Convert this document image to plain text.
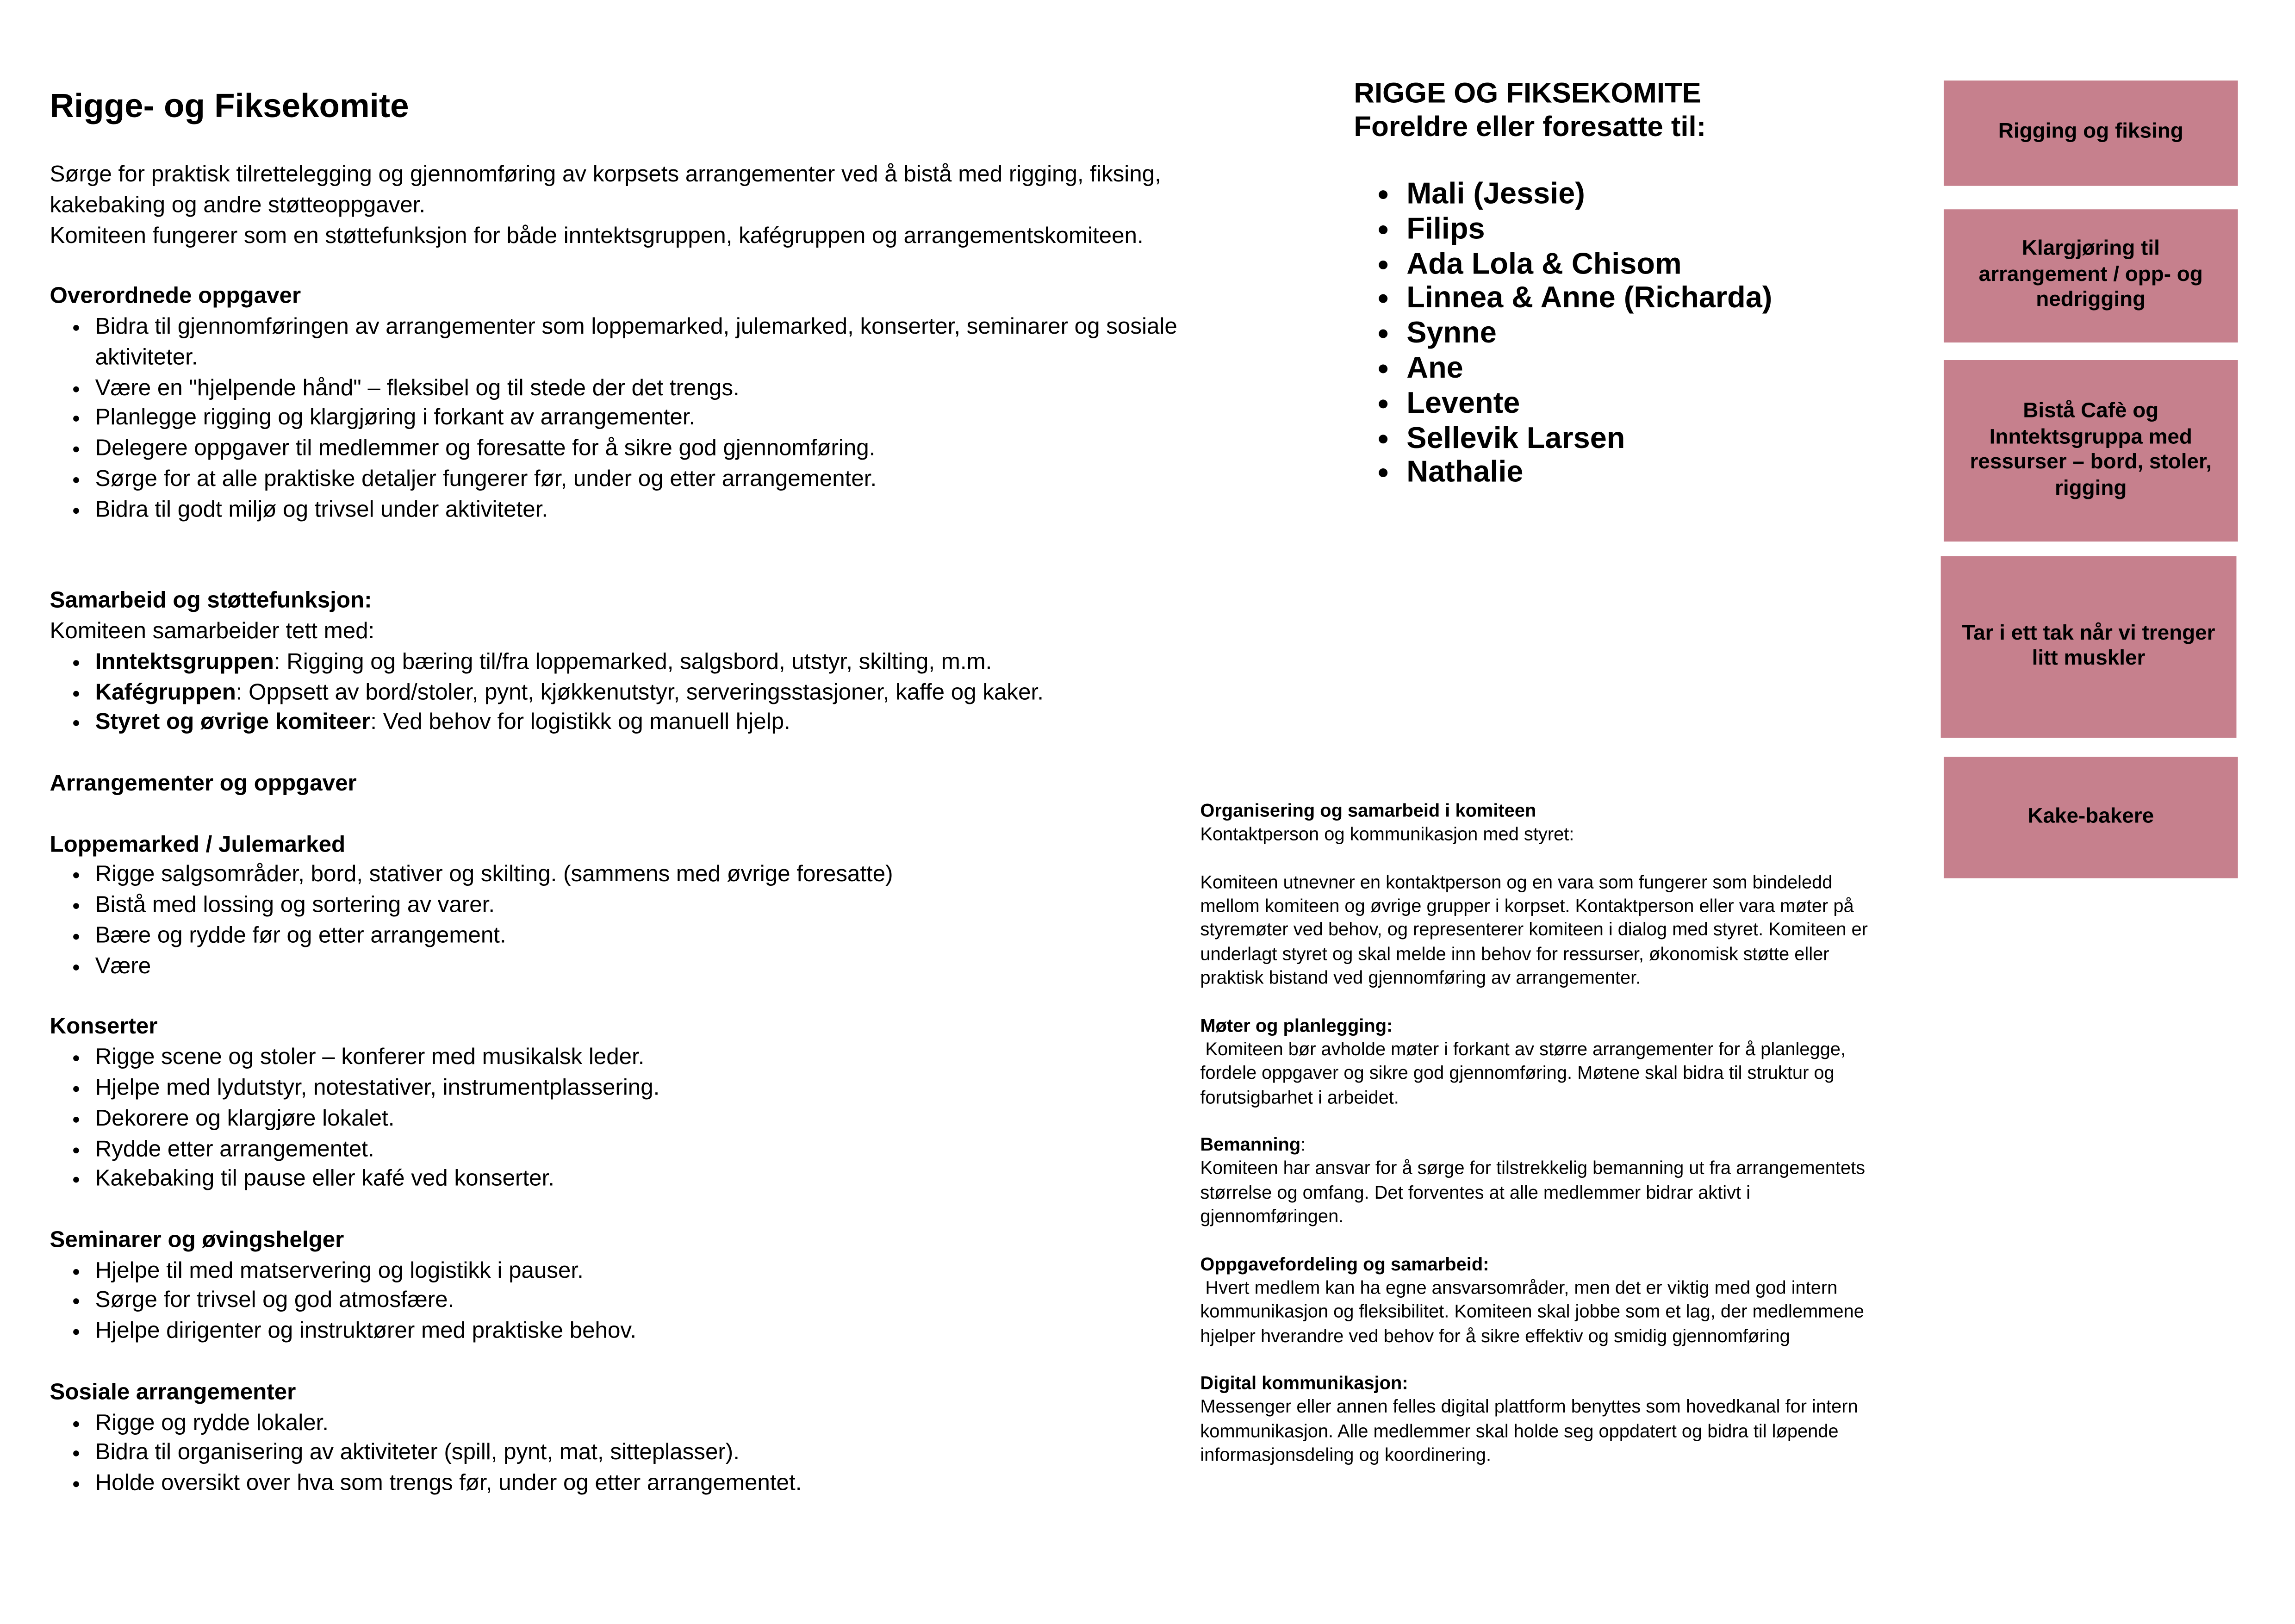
Rigge- og Fiksekomite

Sørge for praktisk tilrettelegging og gjennomføring av korpsets arrangementer ved å bistå med rigging, fiksing, kakebaking og andre støtteoppgaver.

Komiteen fungerer som en støttefunksjon for både inntektsgruppen, kafégruppen og arrangementskomiteen.

Overordnede oppgaver

• Bidra til gjennomføringen av arrangementer som loppemarked, julemarked, konserter, seminarer og sosiale aktiviteter.
• Være en "hjelpende hånd" – fleksibel og til stede der det trengs.
• Planlegge rigging og klargjøring i forkant av arrangementer.
• Delegere oppgaver til medlemmer og foresatte for å sikre god gjennomføring.
• Sørge for at alle praktiske detaljer fungerer før, under og etter arrangementer.
• Bidra til godt miljø og trivsel under aktiviteter.

Samarbeid og støttefunksjon:

Komiteen samarbeider tett med:

• Inntektsgruppen: Rigging og bæring til/fra loppemarked, salgsbord, utstyr, skilting, m.m.
• Kafégruppen: Oppsett av bord/stoler, pynt, kjøkkenutstyr, serveringsstasjoner, kaffe og kaker.
• Styret og øvrige komiteer: Ved behov for logistikk og manuell hjelp.

Arrangementer og oppgaver

Loppemarked / Julemarked

• Rigge salgsområder, bord, stativer og skilting. (sammens med øvrige foresatte)
• Bistå med lossing og sortering av varer.
• Bære og rydde før og etter arrangement.
• Være

Konserter

• Rigge scene og stoler – konferer med musikalsk leder.
• Hjelpe med lydutstyr, notestativer, instrumentplassering.
• Dekorere og klargjøre lokalet.
• Rydde etter arrangementet.
• Kakebaking til pause eller kafé ved konserter.

Seminarer og øvingshelger

• Hjelpe til med matservering og logistikk i pauser.
• Sørge for trivsel og god atmosfære.
• Hjelpe dirigenter og instruktører med praktiske behov.

Sosiale arrangementer

• Rigge og rydde lokaler.
• Bidra til organisering av aktiviteter (spill, pynt, mat, sitteplasser).
• Holde oversikt over hva som trengs før, under og etter arrangementet.
RIGGE OG FIKSEKOMITE
Foreldre eller foresatte til:
• Mali (Jessie)
• Filips
• Ada Lola & Chisom
• Linnea & Anne (Richarda)
• Synne
• Ane
• Levente
• Sellevik Larsen
• Nathalie

Organisering og samarbeid i komiteen

Kontaktperson og kommunikasjon med styret:

Komiteen utnevner en kontaktperson og en vara som fungerer som bindeledd mellom komiteen og øvrige grupper i korpset. Kontaktperson eller vara møter på styremøter ved behov, og representerer komiteen i dialog med styret. Komiteen er underlagt styret og skal melde inn behov for ressurser, økonomisk støtte eller praktisk bistand ved gjennomføring av arrangementer.

Møter og planlegging:

Komiteen bør avholde møter i forkant av større arrangementer for å planlegge, fordele oppgaver og sikre god gjennomføring. Møtene skal bidra til struktur og forutsigbarhet i arbeidet.

Bemanning:

Komiteen har ansvar for å sørge for tilstrekkelig bemanning ut fra arrangementets størrelse og omfang. Det forventes at alle medlemmer bidrar aktivt i gjennomføringen.

Oppgavefordeling og samarbeid:

Hvert medlem kan ha egne ansvarsområder, men det er viktig med god intern kommunikasjon og fleksibilitet. Komiteen skal jobbe som et lag, der medlemmene hjelper hverandre ved behov for å sikre effektiv og smidig gjennomføring

Digital kommunikasjon:

Messenger eller annen felles digital plattform benyttes som hovedkanal for intern kommunikasjon. Alle medlemmer skal holde seg oppdatert og bidra til løpende informasjonsdeling og koordinering.

Rigging og fiksing
Klargjøring til arrangement / opp- og nedrigging
Bistå Cafè og Inntektsgruppa med ressurser – bord, stoler, rigging
Tar i ett tak når vi trenger litt muskler
Kake-bakere
